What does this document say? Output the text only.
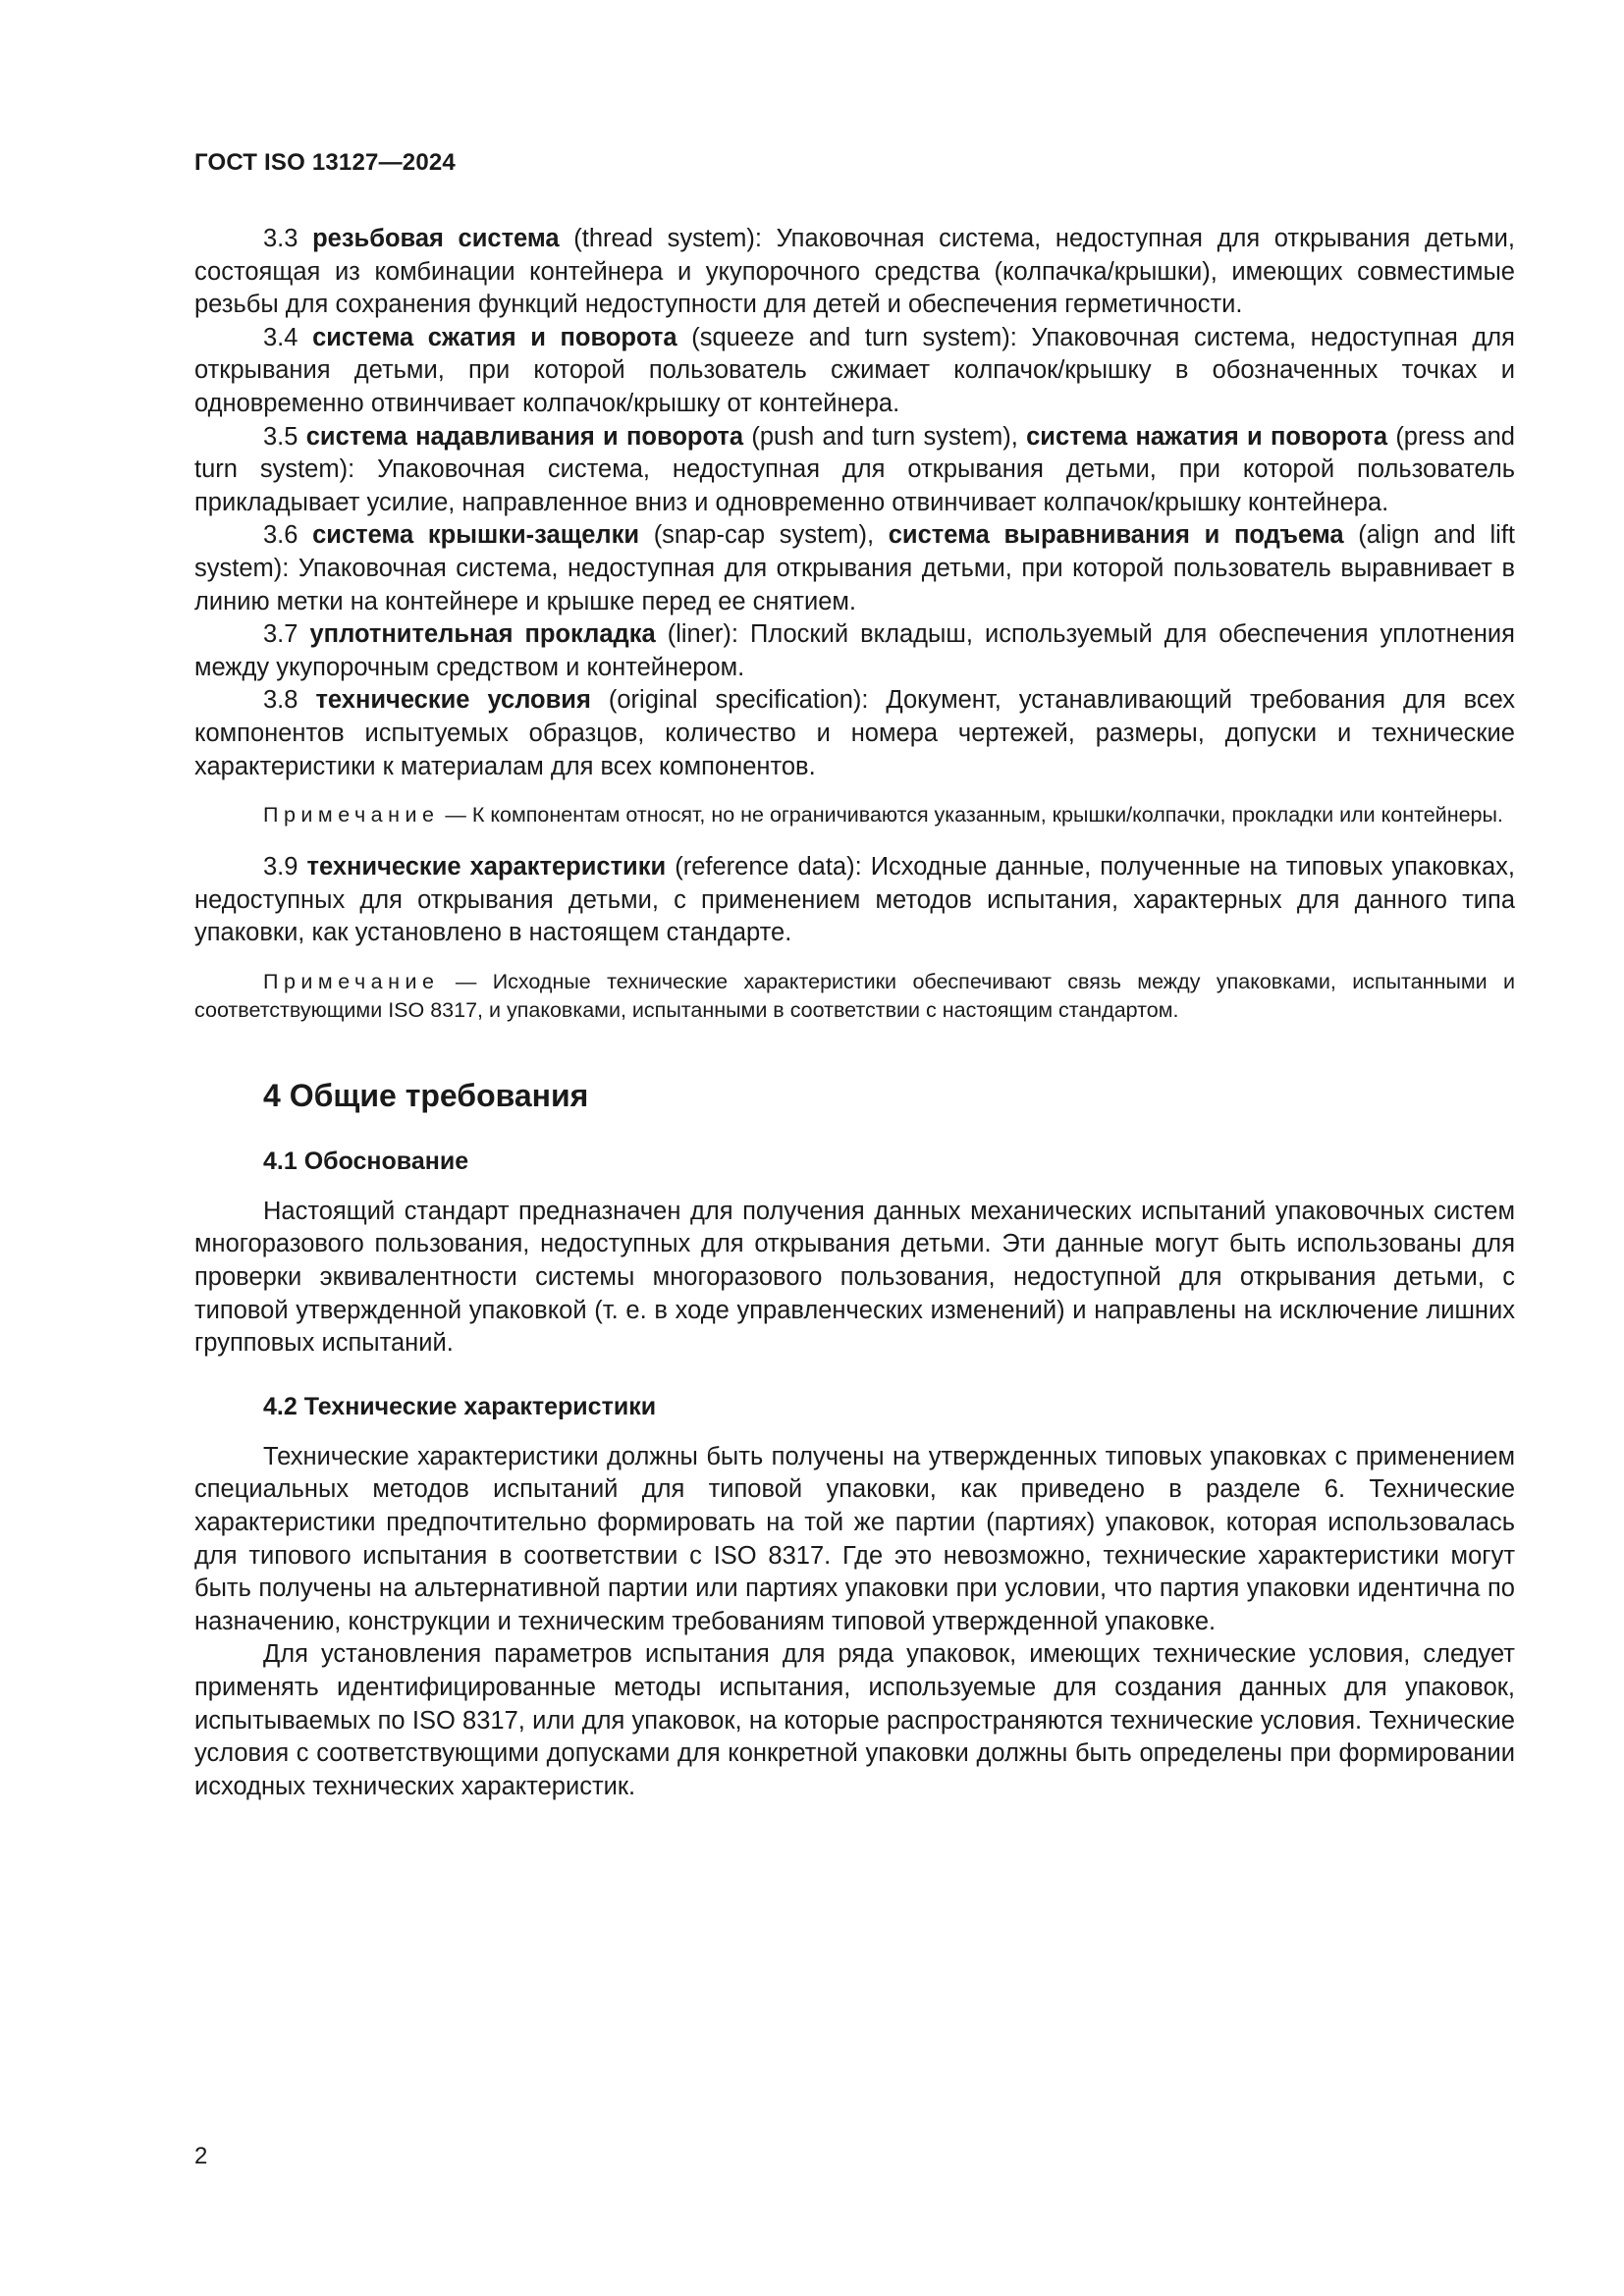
ГОСТ ISO 13127—2024

3.3 резьбовая система (thread system): Упаковочная система, недоступная для открывания детьми, состоящая из комбинации контейнера и укупорочного средства (колпачка/крышки), имеющих совместимые резьбы для сохранения функций недоступности для детей и обеспечения герметичности.

3.4 система сжатия и поворота (squeeze and turn system): Упаковочная система, недоступная для открывания детьми, при которой пользователь сжимает колпачок/крышку в обозначенных точках и одновременно отвинчивает колпачок/крышку от контейнера.

3.5 система надавливания и поворота (push and turn system), система нажатия и поворота (press and turn system): Упаковочная система, недоступная для открывания детьми, при которой пользователь прикладывает усилие, направленное вниз и одновременно отвинчивает колпачок/крышку контейнера.

3.6 система крышки-защелки (snap-cap system), система выравнивания и подъема (align and lift system): Упаковочная система, недоступная для открывания детьми, при которой пользователь выравнивает в линию метки на контейнере и крышке перед ее снятием.

3.7 уплотнительная прокладка (liner): Плоский вкладыш, используемый для обеспечения уплотнения между укупорочным средством и контейнером.

3.8 технические условия (original specification): Документ, устанавливающий требования для всех компонентов испытуемых образцов, количество и номера чертежей, размеры, допуски и технические характеристики к материалам для всех компонентов.

Примечание — К компонентам относят, но не ограничиваются указанным, крышки/колпачки, прокладки или контейнеры.

3.9 технические характеристики (reference data): Исходные данные, полученные на типовых упаковках, недоступных для открывания детьми, с применением методов испытания, характерных для данного типа упаковки, как установлено в настоящем стандарте.

Примечание — Исходные технические характеристики обеспечивают связь между упаковками, испытанными и соответствующими ISO 8317, и упаковками, испытанными в соответствии с настоящим стандартом.

4 Общие требования
4.1 Обоснование

Настоящий стандарт предназначен для получения данных механических испытаний упаковочных систем многоразового пользования, недоступных для открывания детьми. Эти данные могут быть использованы для проверки эквивалентности системы многоразового пользования, недоступной для открывания детьми, с типовой утвержденной упаковкой (т. е. в ходе управленческих изменений) и направлены на исключение лишних групповых испытаний.

4.2 Технические характеристики

Технические характеристики должны быть получены на утвержденных типовых упаковках с применением специальных методов испытаний для типовой упаковки, как приведено в разделе 6. Технические характеристики предпочтительно формировать на той же партии (партиях) упаковок, которая использовалась для типового испытания в соответствии с ISO 8317. Где это невозможно, технические характеристики могут быть получены на альтернативной партии или партиях упаковки при условии, что партия упаковки идентична по назначению, конструкции и техническим требованиям типовой утвержденной упаковке.

Для установления параметров испытания для ряда упаковок, имеющих технические условия, следует применять идентифицированные методы испытания, используемые для создания данных для упаковок, испытываемых по ISO 8317, или для упаковок, на которые распространяются технические условия. Технические условия с соответствующими допусками для конкретной упаковки должны быть определены при формировании исходных технических характеристик.

2
